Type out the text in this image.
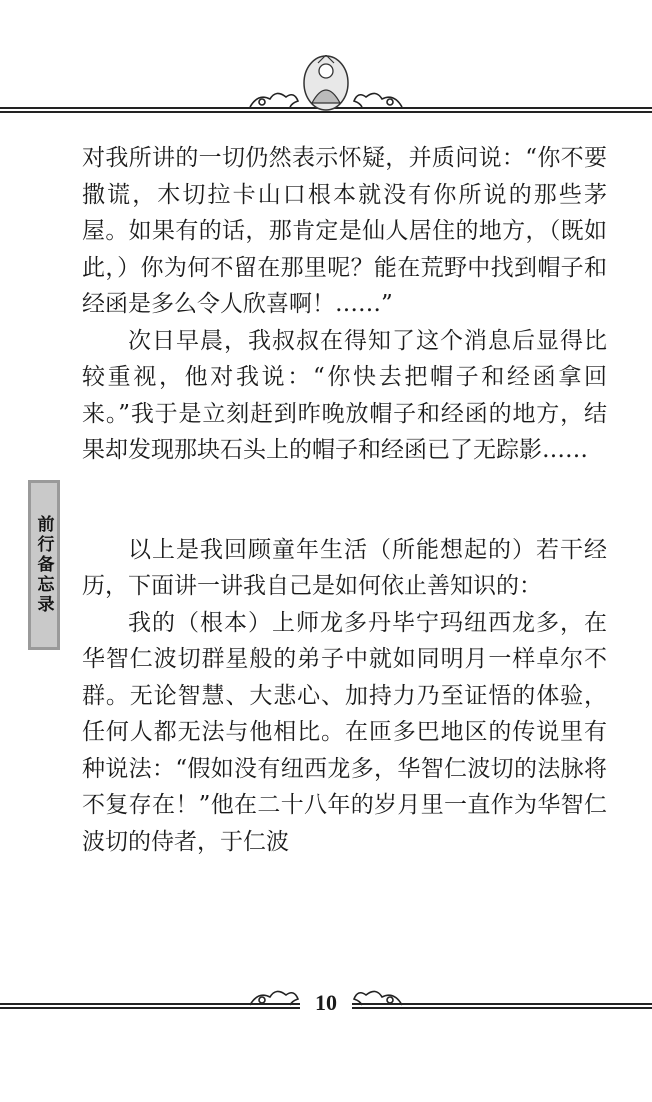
前行备忘录

对我所讲的一切仍然表示怀疑，并质问说：“你不要撒谎，木切拉卡山口根本就没有你所说的那些茅屋。如果有的话，那肯定是仙人居住的地方，（既如此，）你为何不留在那里呢？能在荒野中找到帽子和经函是多么令人欣喜啊！……”

次日早晨，我叔叔在得知了这个消息后显得比较重视，他对我说：“你快去把帽子和经函拿回来。”我于是立刻赶到昨晚放帽子和经函的地方，结果却发现那块石头上的帽子和经函已了无踪影……

以上是我回顾童年生活（所能想起的）若干经历，下面讲一讲我自己是如何依止善知识的：

我的（根本）上师龙多丹毕宁玛纽西龙多，在华智仁波切群星般的弟子中就如同明月一样卓尔不群。无论智慧、大悲心、加持力乃至证悟的体验，任何人都无法与他相比。在匝多巴地区的传说里有种说法：“假如没有纽西龙多，华智仁波切的法脉将不复存在！”他在二十八年的岁月里一直作为华智仁波切的侍者，于仁波

10
